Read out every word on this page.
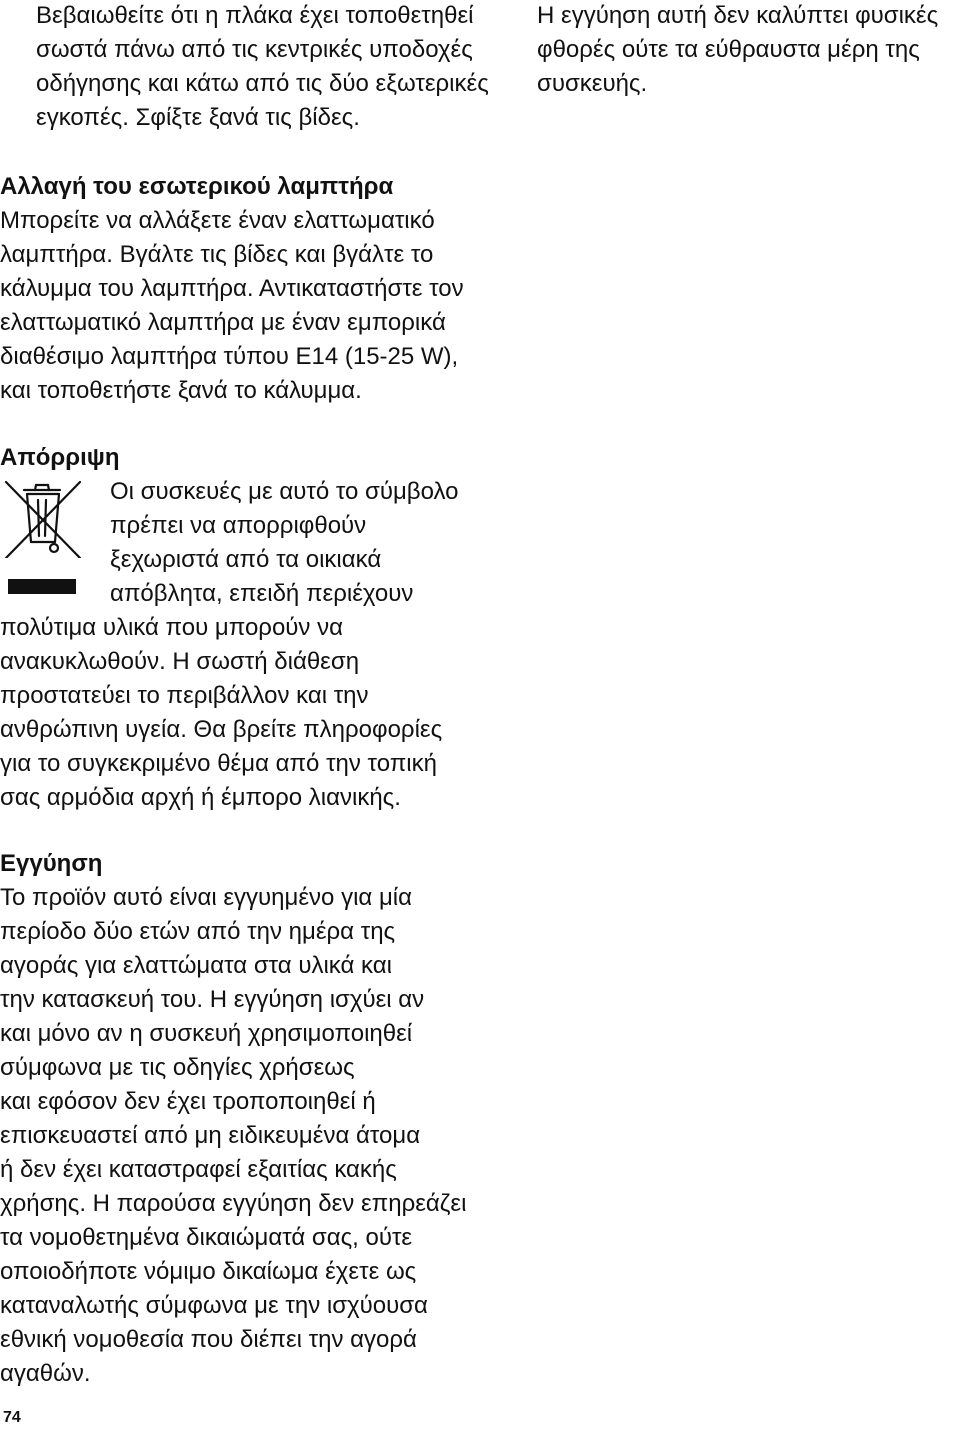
Βεβαιωθείτε ότι η πλάκα έχει τοποθετηθεί
σωστά πάνω από τις κεντρικές υποδοχές
οδήγησης και κάτω από τις δύο εξωτερικές
εγκοπές. Σφίξτε ξανά τις βίδες.
Η εγγύηση αυτή δεν καλύπτει φυσικές
φθορές ούτε τα εύθραυστα μέρη της
συσκευής.
Αλλαγή του εσωτερικού λαμπτήρα
Μπορείτε να αλλάξετε έναν ελαττωματικό
λαμπτήρα. Βγάλτε τις βίδες και βγάλτε το
κάλυμμα του λαμπτήρα. Αντικαταστήστε τον
ελαττωματικό λαμπτήρα με έναν εμπορικά
διαθέσιμο λαμπτήρα τύπου E14 (15-25 W),
και τοποθετήστε ξανά το κάλυμμα.
Απόρριψη
Οι συσκευές με αυτό το σύμβολο
πρέπει να απορριφθούν
ξεχωριστά από τα οικιακά
απόβλητα, επειδή περιέχουν
πολύτιμα υλικά που μπορούν να
ανακυκλωθούν. Η σωστή διάθεση
προστατεύει το περιβάλλον και την
ανθρώπινη υγεία. Θα βρείτε πληροφορίες
για το συγκεκριμένο θέμα από την τοπική
σας αρμόδια αρχή ή έμπορο λιανικής.
Εγγύηση
Το προϊόν αυτό είναι εγγυημένο για μία
περίοδο δύο ετών από την ημέρα της
αγοράς για ελαττώματα στα υλικά και
την κατασκευή του. Η εγγύηση ισχύει αν
και μόνο αν η συσκευή χρησιμοποιηθεί
σύμφωνα με τις οδηγίες χρήσεως
και εφόσον δεν έχει τροποποιηθεί ή
επισκευαστεί από μη ειδικευμένα άτομα
ή δεν έχει καταστραφεί εξαιτίας κακής
χρήσης. Η παρούσα εγγύηση δεν επηρεάζει
τα νομοθετημένα δικαιώματά σας, ούτε
οποιοδήποτε νόμιμο δικαίωμα έχετε ως
καταναλωτής σύμφωνα με την ισχύουσα
εθνική νομοθεσία που διέπει την αγορά
αγαθών.
74
